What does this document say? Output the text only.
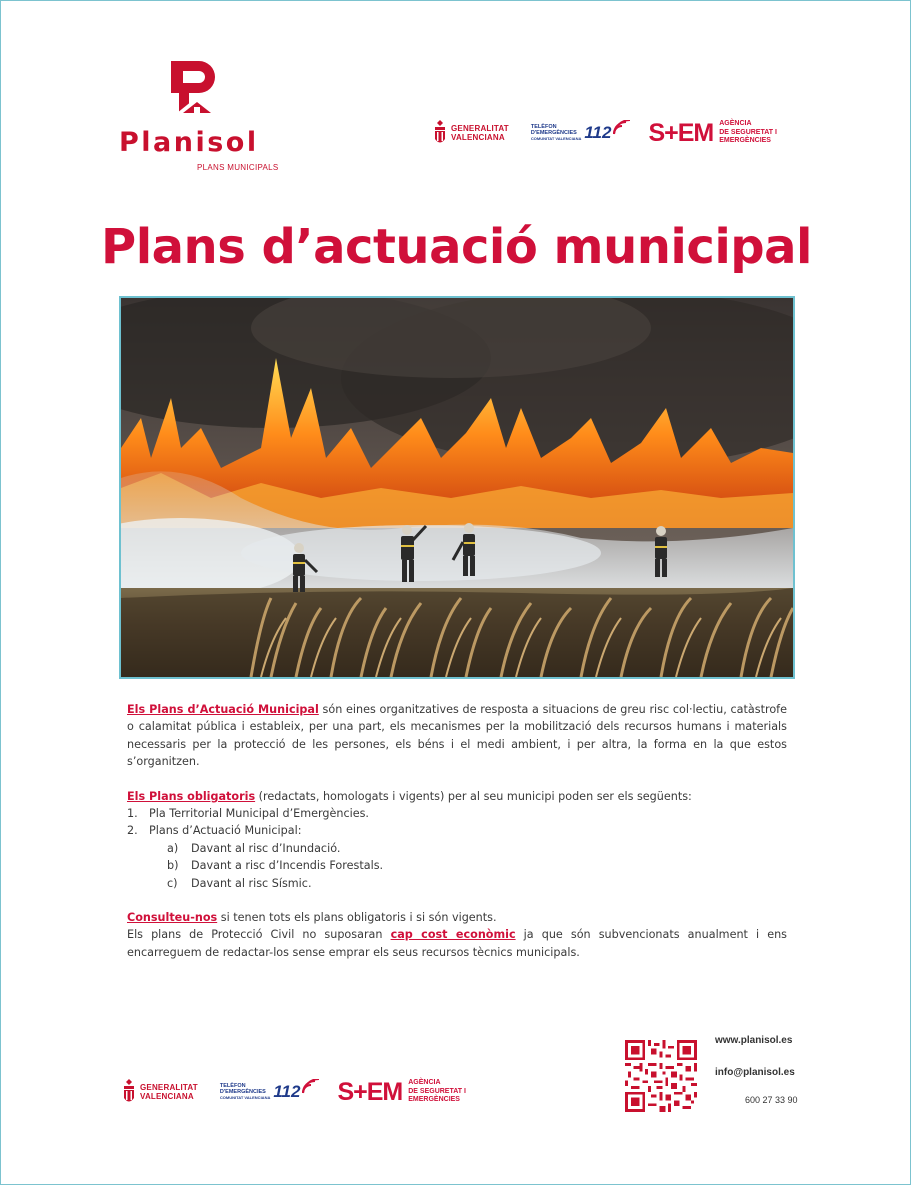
Planisol
PLANS MUNICIPALS
GENERALITAT
VALENCIANA
TELÈFON
D'EMERGÈNCIES
COMUNITAT VALENCIANA 112 S+EM AGÈNCIA
DE SEGURETAT I
EMERGÈNCIES
Plans d’actuació municipal

Els Plans d’Actuació Municipal són eines organitzatives de resposta a situacions de greu risc col·lectiu, catàstrofe o calamitat pública i estableix, per una part, els mecanismes per la mobilització dels recursos humans i materials necessaris per la protecció de les persones, els béns i el medi ambient, i per altra, la forma en la que estos s’organitzen.

Els Plans obligatoris (redactats, homologats i vigents) per al seu municipi poden ser els següents:

1. Pla Territorial Municipal d’Emergències.
2. Plans d’Actuació Municipal:
a) Davant al risc d’Inundació.
b) Davant a risc d’Incendis Forestals.
c) Davant al risc Sísmic.

Consulteu-nos si tenen tots els plans obligatoris i si són vigents.

Els plans de Protecció Civil no suposaran cap cost econòmic ja que són subvencionats anualment i ens encarreguem de redactar-los sense emprar els seus recursos tècnics municipals.

GENERALITAT
VALENCIANA
TELÈFON
D'EMERGÈNCIES
COMUNITAT VALENCIANA 112 S+EM AGÈNCIA
DE SEGURETAT I
EMERGÈNCIES
www.planisol.es
info@planisol.es
600 27 33 90
